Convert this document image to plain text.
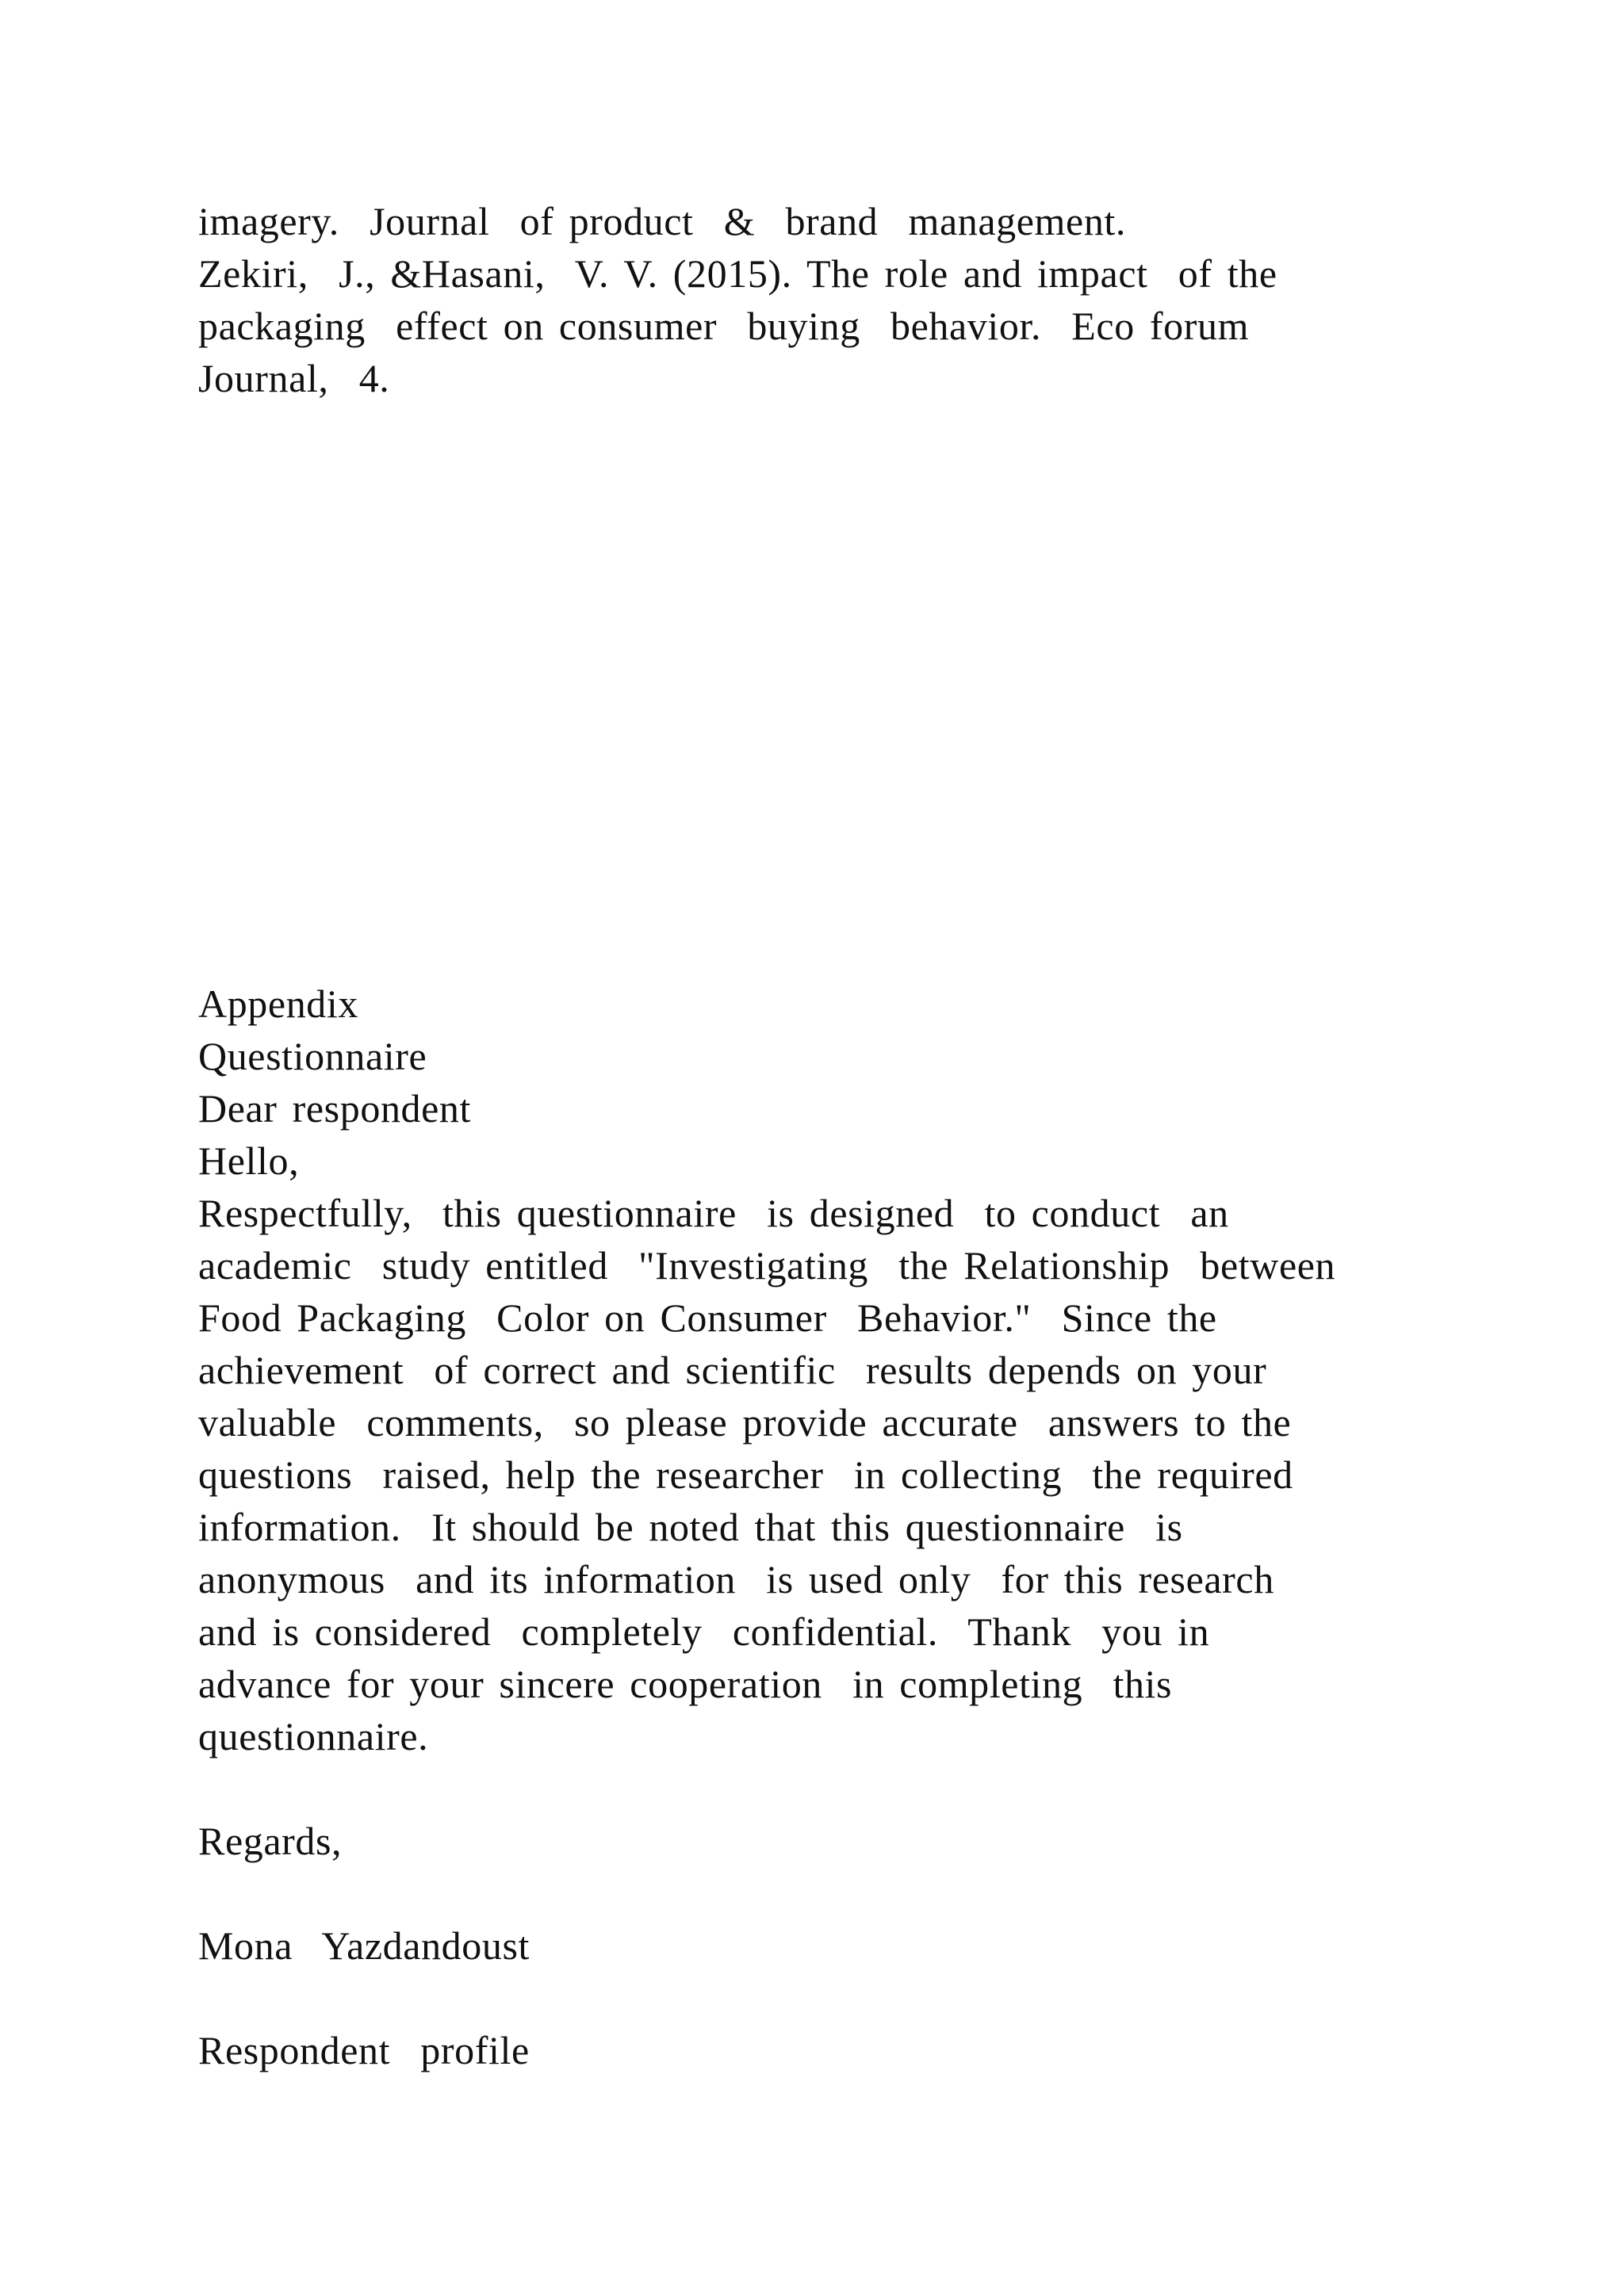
imagery.  Journal  of product  &  brand  management.
Zekiri,  J., &Hasani,  V. V. (2015). The role and impact  of the
packaging  effect on consumer  buying  behavior.  Eco forum
Journal,  4.
Appendix
Questionnaire
Dear respondent
Hello,
Respectfully,  this questionnaire  is designed  to conduct  an
academic  study entitled  "Investigating  the Relationship  between
Food Packaging  Color on Consumer  Behavior."  Since the
achievement  of correct and scientific  results depends on your
valuable  comments,  so please provide accurate  answers to the
questions  raised, help the researcher  in collecting  the required
information.  It should be noted that this questionnaire  is
anonymous  and its information  is used only  for this research
and is considered  completely  confidential.  Thank  you in
advance for your sincere cooperation  in completing  this
questionnaire.
Regards,
Mona  Yazdandoust
Respondent  profile
